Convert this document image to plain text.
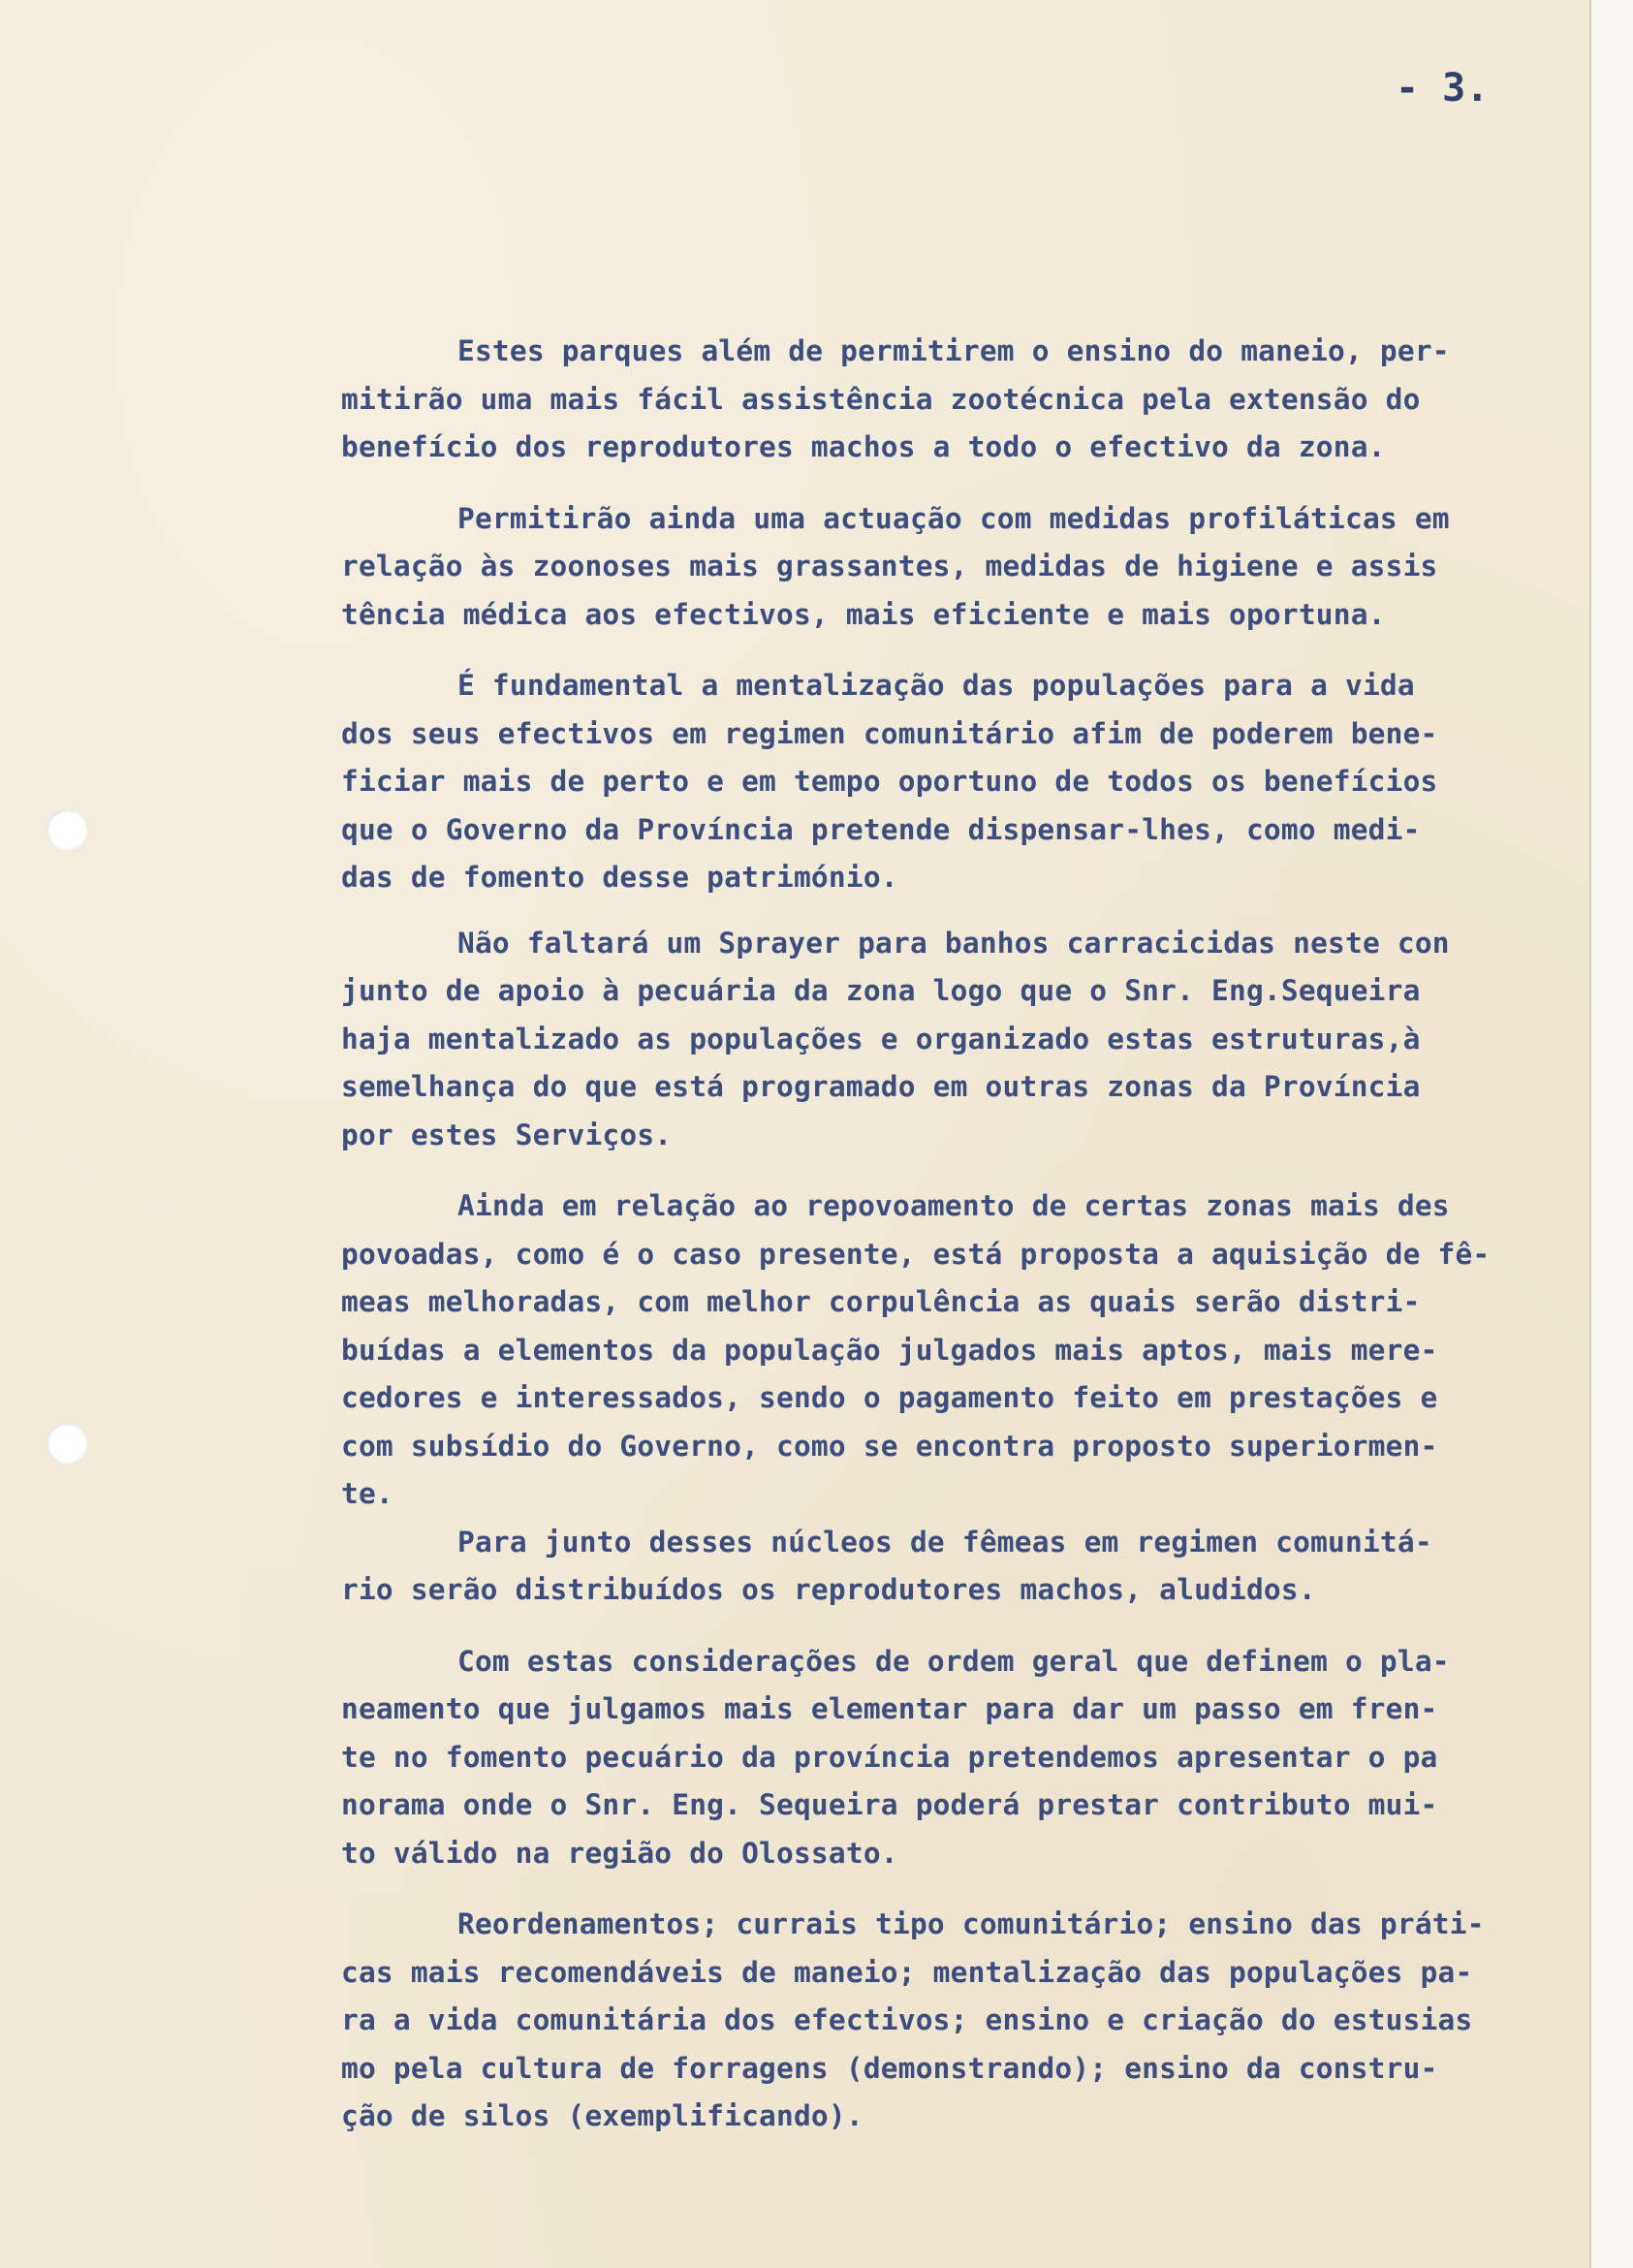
- 3.
Estes parques além de permitirem o ensino do maneio, per-
mitirão uma mais fácil assistência zootécnica pela extensão do
benefício dos reprodutores machos a todo o efectivo da zona.
Permitirão ainda uma actuação com medidas profiláticas em
relação às zoonoses mais grassantes, medidas de higiene e assis
tência médica aos efectivos, mais eficiente e mais oportuna.
É fundamental a mentalização das populações para a vida
dos seus efectivos em regimen comunitário afim de poderem bene-
ficiar mais de perto e em tempo oportuno de todos os benefícios
que o Governo da Província pretende dispensar-lhes, como medi-
das de fomento desse património.
Não faltará um Sprayer para banhos carracicidas neste con
junto de apoio à pecuária da zona logo que o Snr. Eng.Sequeira
haja mentalizado as populações e organizado estas estruturas,à
semelhança do que está programado em outras zonas da Província
por estes Serviços.
Ainda em relação ao repovoamento de certas zonas mais des
povoadas, como é o caso presente, está proposta a aquisição de fê-
meas melhoradas, com melhor corpulência as quais serão distri-
buídas a elementos da população julgados mais aptos, mais mere-
cedores e interessados, sendo o pagamento feito em prestações e
com subsídio do Governo, como se encontra proposto superiormen-
te.
Para junto desses núcleos de fêmeas em regimen comunitá-
rio serão distribuídos os reprodutores machos, aludidos.
Com estas considerações de ordem geral que definem o pla-
neamento que julgamos mais elementar para dar um passo em fren-
te no fomento pecuário da província pretendemos apresentar o pa
norama onde o Snr. Eng. Sequeira poderá prestar contributo mui-
to válido na região do Olossato.
Reordenamentos; currais tipo comunitário; ensino das práti-
cas mais recomendáveis de maneio; mentalização das populações pa-
ra a vida comunitária dos efectivos; ensino e criação do estusias
mo pela cultura de forragens (demonstrando); ensino da constru-
ção de silos (exemplificando).
